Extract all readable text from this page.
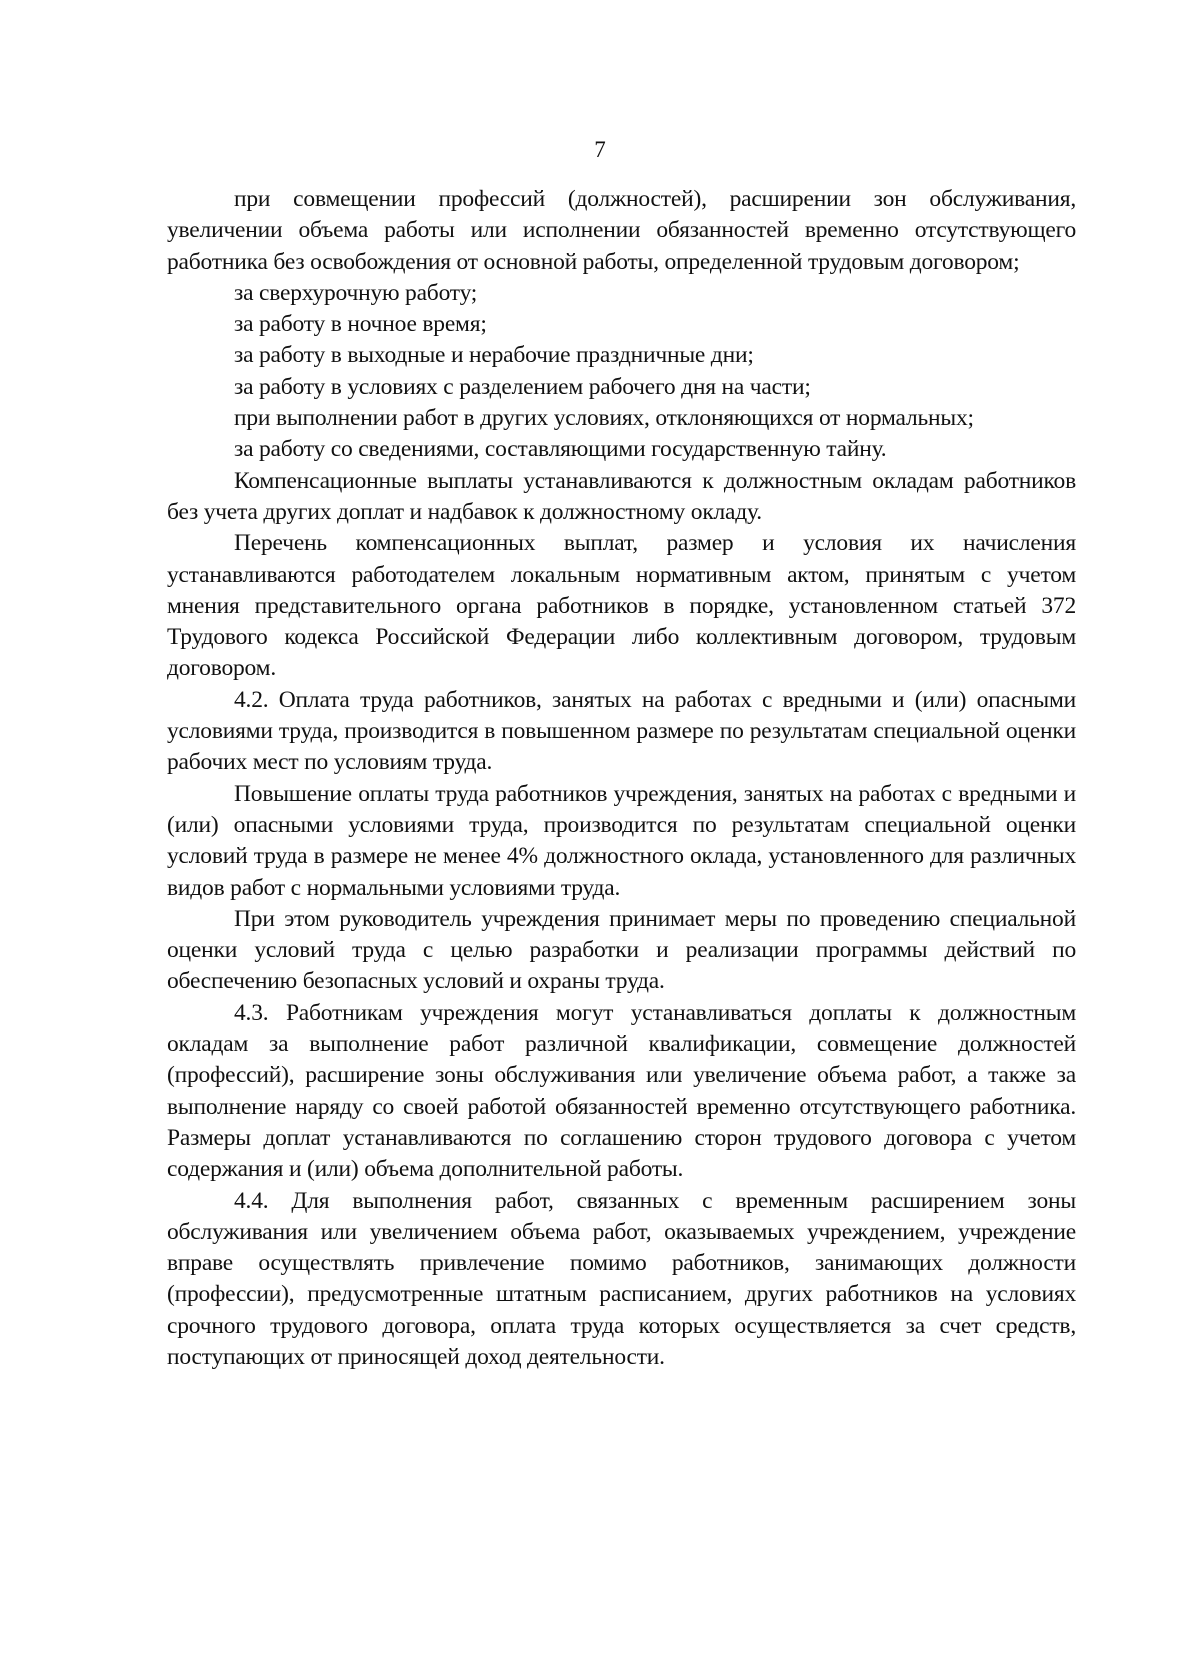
7

при совмещении профессий (должностей), расширении зон обслуживания, увеличении объема работы или исполнении обязанностей временно отсутствующего работника без освобождения от основной работы, определенной трудовым договором;

за сверхурочную работу;

за работу в ночное время;

за работу в выходные и нерабочие праздничные дни;

за работу в условиях с разделением рабочего дня на части;

при выполнении работ в других условиях, отклоняющихся от нормальных;

за работу со сведениями, составляющими государственную тайну.

Компенсационные выплаты устанавливаются к должностным окладам работников без учета других доплат и надбавок к должностному окладу.

Перечень компенсационных выплат, размер и условия их начисления устанавливаются работодателем локальным нормативным актом, принятым с учетом мнения представительного органа работников в порядке, установленном статьей 372 Трудового кодекса Российской Федерации либо коллективным договором, трудовым договором.

4.2. Оплата труда работников, занятых на работах с вредными и (или) опасными условиями труда, производится в повышенном размере по результатам специальной оценки рабочих мест по условиям труда.

Повышение оплаты труда работников учреждения, занятых на работах с вредными и (или) опасными условиями труда, производится по результатам специальной оценки условий труда в размере не менее 4% должностного оклада, установленного для различных видов работ с нормальными условиями труда.

При этом руководитель учреждения принимает меры по проведению специальной оценки условий труда с целью разработки и реализации программы действий по обеспечению безопасных условий и охраны труда.

4.3. Работникам учреждения могут устанавливаться доплаты к должностным окладам за выполнение работ различной квалификации, совмещение должностей (профессий), расширение зоны обслуживания или увеличение объема работ, а также за выполнение наряду со своей работой обязанностей временно отсутствующего работника. Размеры доплат устанавливаются по соглашению сторон трудового договора с учетом содержания и (или) объема дополнительной работы.

4.4. Для выполнения работ, связанных с временным расширением зоны обслуживания или увеличением объема работ, оказываемых учреждением, учреждение вправе осуществлять привлечение помимо работников, занимающих должности (профессии), предусмотренные штатным расписанием, других работников на условиях срочного трудового договора, оплата труда которых осуществляется за счет средств, поступающих от приносящей доход деятельности.
